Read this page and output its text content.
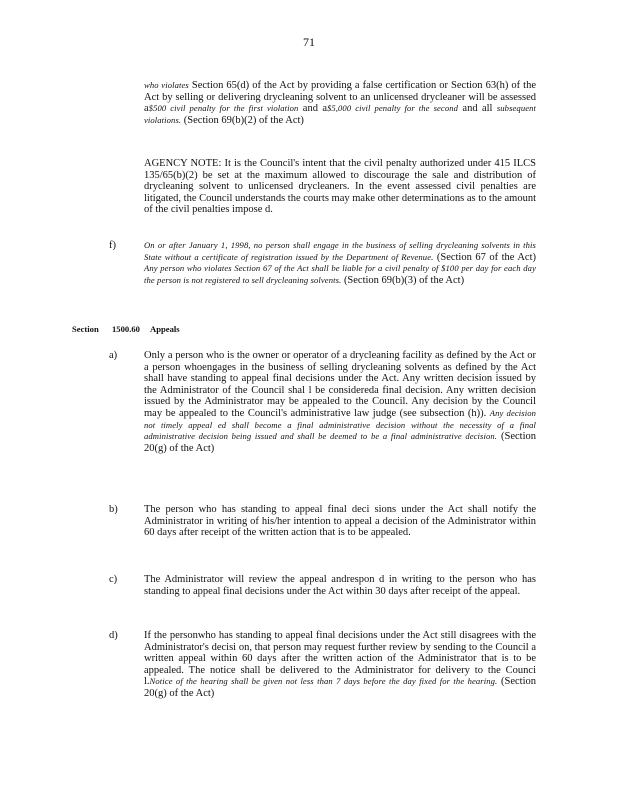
71

who violates Section 65(d) of the Act by providing a false certification or Section 63(h) of the Act by selling or delivering drycleaning solvent to an unlicensed drycleaner will be assessed a$500 civil penalty for the first violation and a$5,000 civil penalty for the second and all subsequent violations. (Section 69(b)(2) of the Act)

AGENCY NOTE: It is the Council's intent that the civil penalty authorized under 415 ILCS 135/65(b)(2) be set at the maximum allowed to discourage the sale and distribution of drycleaning solvent to unlicensed drycleaners. In the event assessed civil penalties are litigated, the Council understands the courts may make other determinations as to the amount of the civil penalties impose d.

f)	On or after January 1, 1998, no person shall engage in the business of selling drycleaning solvents in this State without a certificate of registration issued by the Department of Revenue. (Section 67 of the Act) Any person who violates Section 67 of the Act shall be liable for a civil penalty of $100 per day for each day the person is not registered to sell drycleaning solvents. (Section 69(b)(3) of the Act)

Section 1500.60 Appeals
a)	Only a person who is the owner or operator of a drycleaning facility as defined by the Act or a person whoengages in the business of selling drycleaning solvents as defined by the Act shall have standing to appeal final decisions under the Act. Any written decision issued by the Administrator of the Council shal l be considereda final decision. Any written decision issued by the Administrator may be appealed to the Council. Any decision by the Council may be appealed to the Council's administrative law judge (see subsection (h)). Any decision not timely appeal ed shall become a final administrative decision without the necessity of a final administrative decision being issued and shall be deemed to be a final administrative decision. (Section 20(g) of the Act)

b)	The person who has standing to appeal final deci sions under the Act shall notify the Administrator in writing of his/her intention to appeal a decision of the Administrator within 60 days after receipt of the written action that is to be appealed.

c)	The Administrator will review the appeal andrespon d in writing to the person who has standing to appeal final decisions under the Act within 30 days after receipt of the appeal.

d)	If the personwho has standing to appeal final decisions under the Act still disagrees with the Administrator's decisi on, that person may request further review by sending to the Council a written appeal within 60 days after the written action of the Administrator that is to be appealed. The notice shall be delivered to the Administrator for delivery to the Counci l.Notice of the hearing shall be given not less than 7 days before the day fixed for the hearing. (Section 20(g) of the Act)
